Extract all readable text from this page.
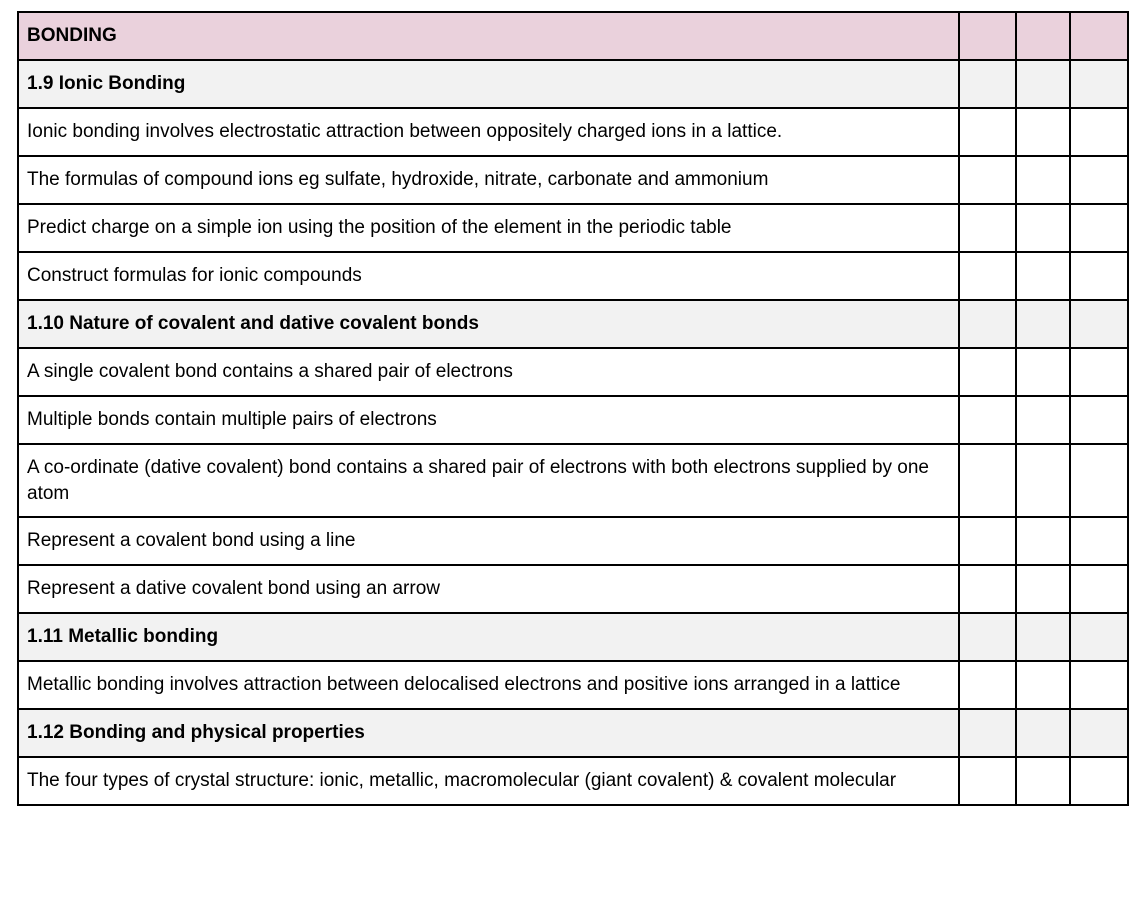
BONDING			
1.9 Ionic Bonding			
Ionic bonding involves electrostatic attraction between oppositely charged ions in a lattice.			
The formulas of compound ions eg sulfate, hydroxide, nitrate, carbonate and ammonium			
Predict charge on a simple ion using the position of the element in the periodic table			
Construct formulas for ionic compounds			
1.10 Nature of covalent and dative covalent bonds			
A single covalent bond contains a shared pair of electrons			
Multiple bonds contain multiple pairs of electrons			
A co-ordinate (dative covalent) bond contains a shared pair of electrons with both electrons supplied by one atom			
Represent a covalent bond using a line			
Represent a dative covalent bond using an arrow			
1.11 Metallic bonding			
Metallic bonding involves attraction between delocalised electrons and positive ions arranged in a lattice			
1.12 Bonding and physical properties			
The four types of crystal structure: ionic, metallic, macromolecular (giant covalent) & covalent molecular			
